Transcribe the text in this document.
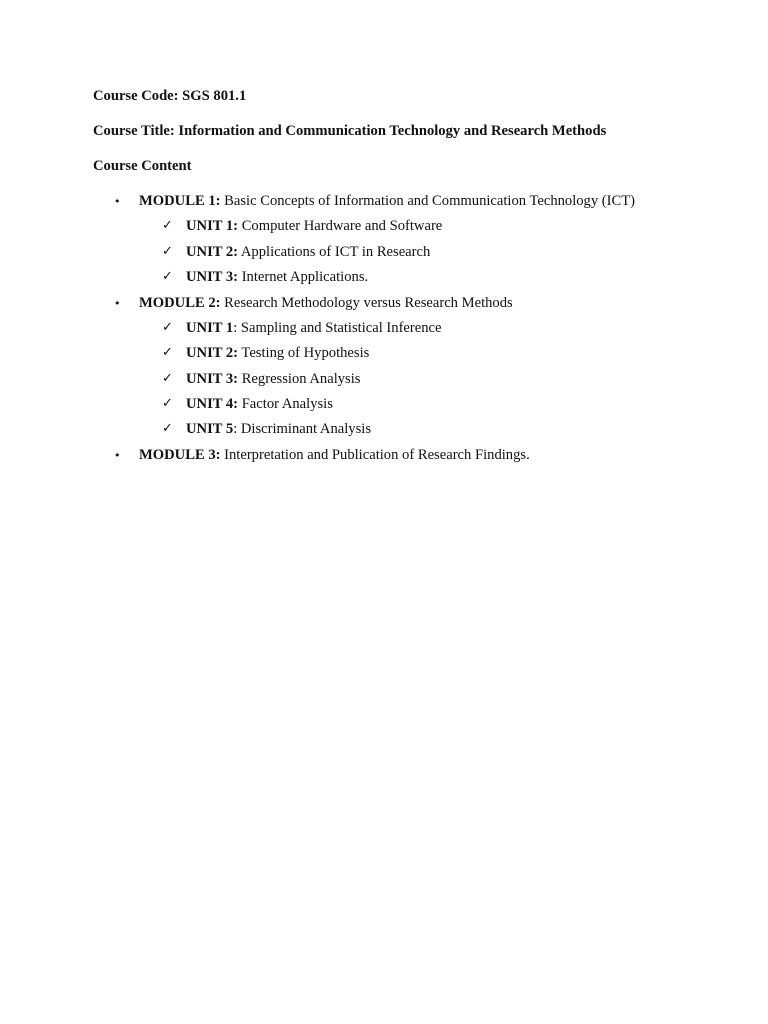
Course Code: SGS 801.1
Course Title: Information and Communication Technology and Research Methods
Course Content
• MODULE 1: Basic Concepts of Information and Communication Technology (ICT)
✓ UNIT 1: Computer Hardware and Software
✓ UNIT 2: Applications of ICT in Research
✓ UNIT 3: Internet Applications.
• MODULE 2: Research Methodology versus Research Methods
✓ UNIT 1: Sampling and Statistical Inference
✓ UNIT 2: Testing of Hypothesis
✓ UNIT 3: Regression Analysis
✓ UNIT 4: Factor Analysis
✓ UNIT 5: Discriminant Analysis
• MODULE 3: Interpretation and Publication of Research Findings.
